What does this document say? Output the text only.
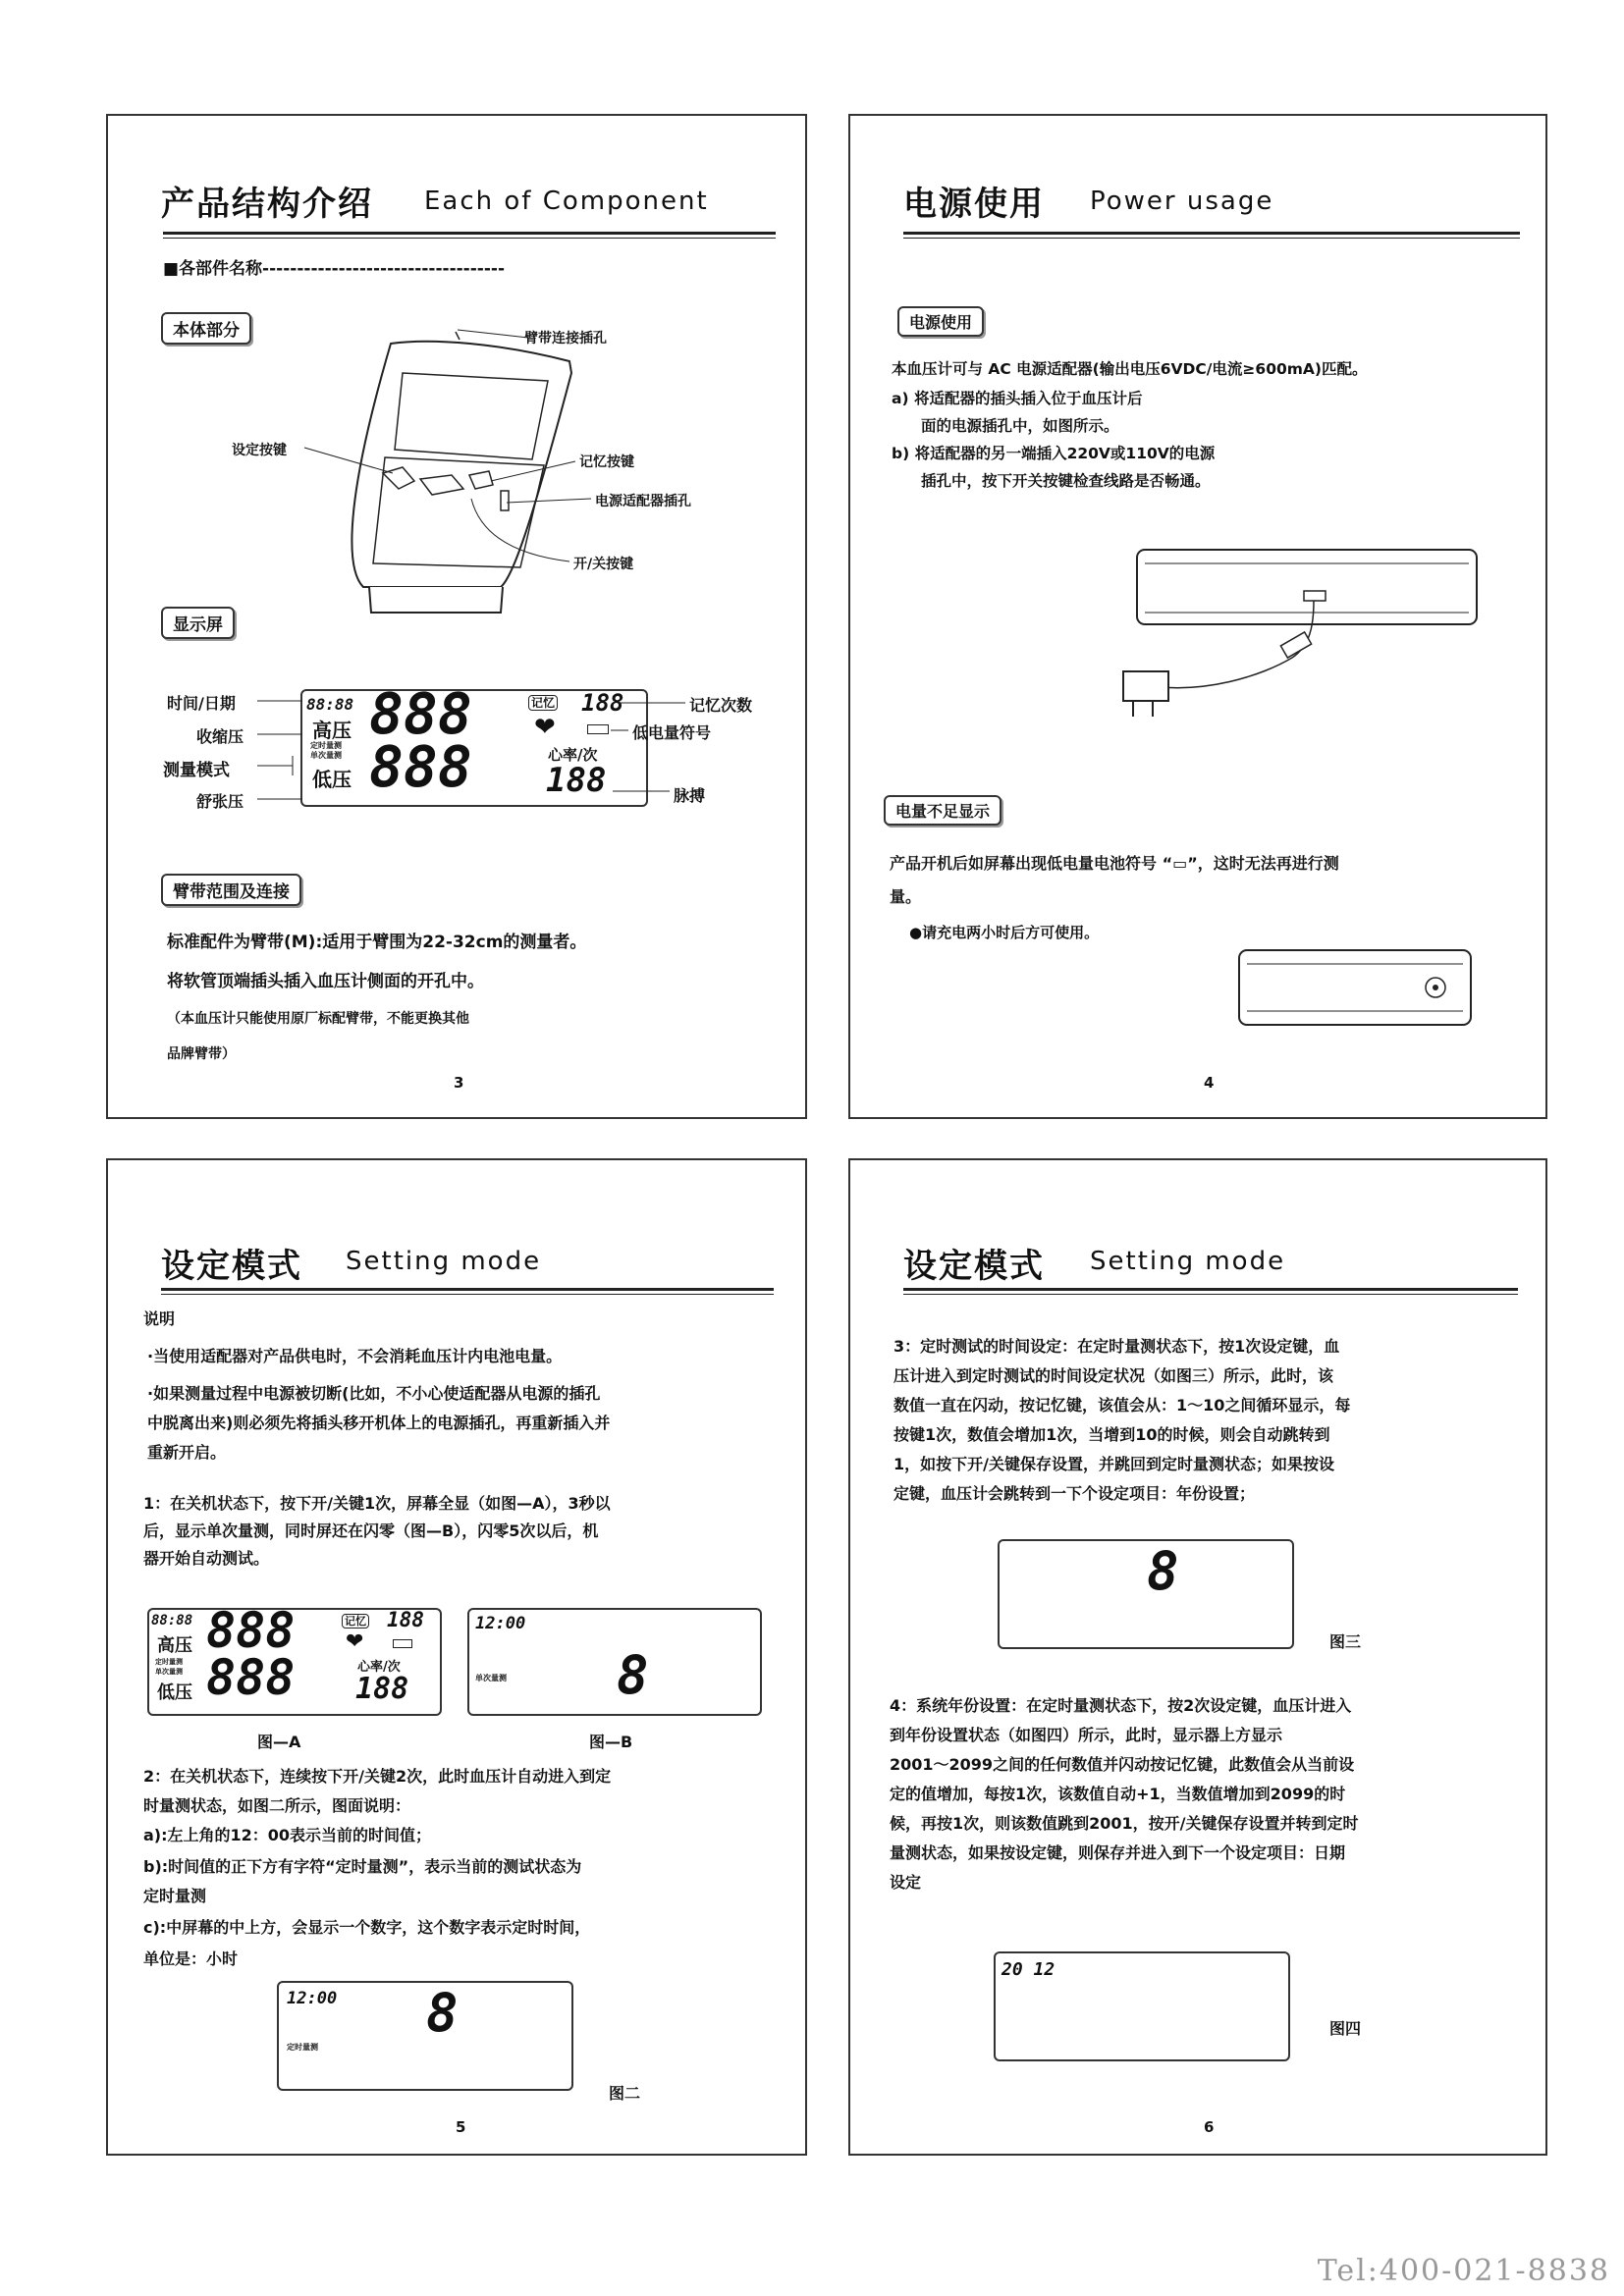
产品结构介绍 Each of Component
■各部件名称-----------------------------------
本体部分	臂带连接插孔
设定按键
记忆按键
电源适配器插孔
开/关按键
显示屏
88:88 888
高压
定时量测
单次量测 888
低压
记忆 188
❤
心率/次
188
时间/日期
收缩压
测量模式
舒张压
记忆次数
低电量符号
脉搏
臂带范围及连接
标准配件为臂带(M):适用于臂围为22-32cm的测量者。
将软管顶端插头插入血压计侧面的开孔中。
（本血压计只能使用原厂标配臂带，不能更换其他
品牌臂带）
3
电源使用 Power usage
电源使用
本血压计可与 AC 电源适配器(输出电压6VDC/电流≥600mA)匹配。
a) 将适配器的插头插入位于血压计后
面的电源插孔中，如图所示。
b) 将适配器的另一端插入220V或110V的电源
插孔中，按下开关按键检查线路是否畅通。
电量不足显示
产品开机后如屏幕出现低电量电池符号 “▭”，这时无法再进行测
量。
●请充电两小时后方可使用。
4
设定模式 Setting mode
说明
·当使用适配器对产品供电时，不会消耗血压计内电池电量。
·如果测量过程中电源被切断(比如，不小心使适配器从电源的插孔
中脱离出来)则必须先将插头移开机体上的电源插孔，再重新插入并
重新开启。
1：在关机状态下，按下开/关键1次，屏幕全显（如图—A），3秒以
后，显示单次量测，同时屏还在闪零（图—B），闪零5次以后，机
器开始自动测试。
88:88
高压 888
定时量测
单次量测 888
低压
记忆 188
❤
心率/次
188
图—A
12:00
单次量测 8
图—B
2：在关机状态下，连续按下开/关键2次，此时血压计自动进入到定
时量测状态，如图二所示，图面说明：
a):左上角的12：00表示当前的时间值；
b):时间值的正下方有字符“定时量测”，表示当前的测试状态为
定时量测
c):中屏幕的中上方，会显示一个数字，这个数字表示定时时间，
单位是：小时
12:00
定时量测
8
图二
5
设定模式 Setting mode
3：定时测试的时间设定：在定时量测状态下，按1次设定键，血
压计进入到定时测试的时间设定状况（如图三）所示，此时，该
数值一直在闪动，按记忆键，该值会从：1～10之间循环显示，每
按键1次，数值会增加1次，当增到10的时候，则会自动跳转到
1，如按下开/关键保存设置，并跳回到定时量测状态；如果按设
定键，血压计会跳转到一下个设定项目：年份设置；
8
图三
4：系统年份设置：在定时量测状态下，按2次设定键，血压计进入
到年份设置状态（如图四）所示，此时，显示器上方显示
2001～2099之间的任何数值并闪动按记忆键，此数值会从当前设
定的值增加，每按1次，该数值自动+1，当数值增加到2099的时
候，再按1次，则该数值跳到2001，按开/关键保存设置并转到定时
量测状态，如果按设定键，则保存并进入到下一个设定项目：日期
设定
20 12
图四
6
Tel:400-021-8838
